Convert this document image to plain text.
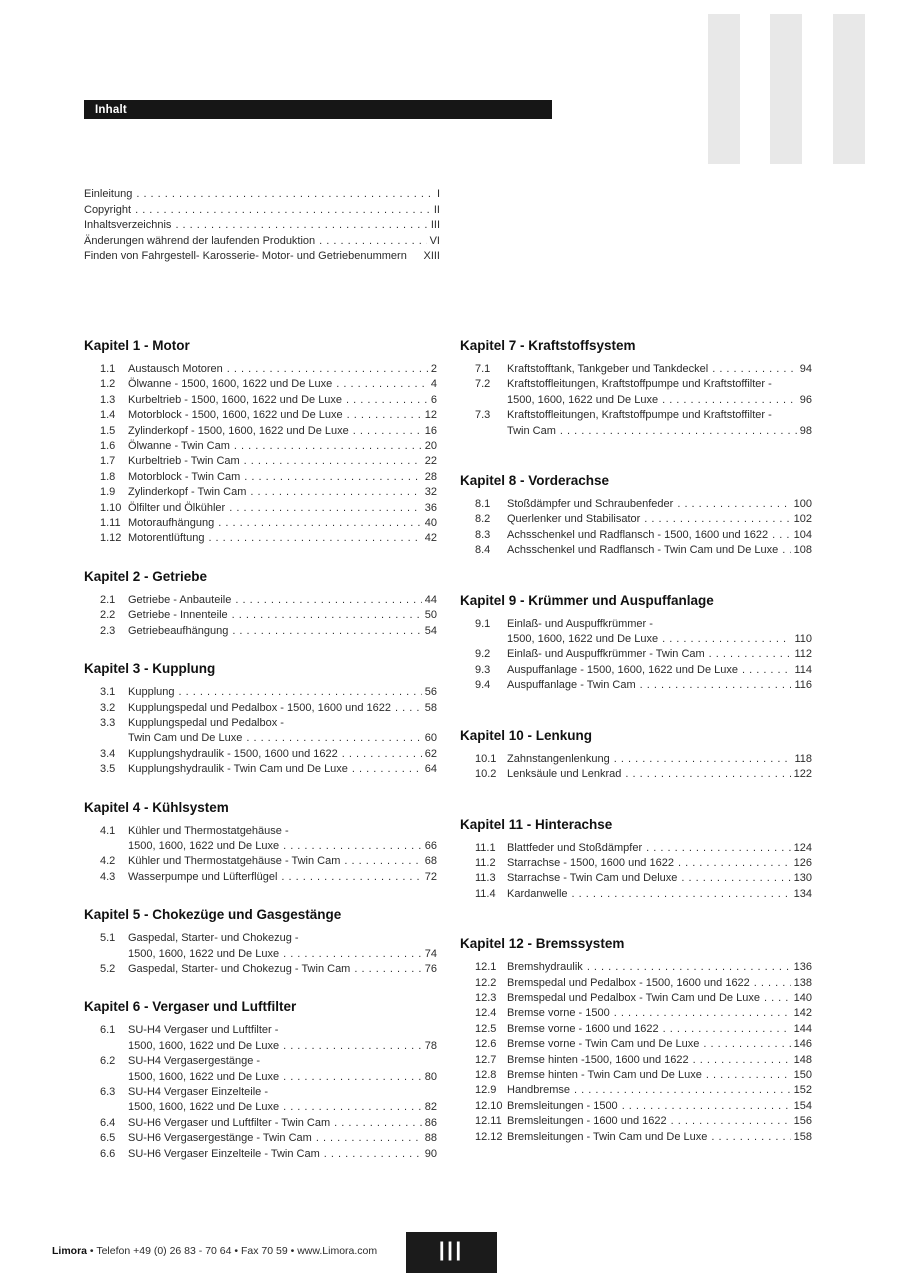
Inhalt
Einleitung . . .	I
Copyright . . .	II
Inhaltsverzeichnis . . .	III
Änderungen während der laufenden Produktion . . .	VI
Finden von Fahrgestell- Karosserie- Motor- und Getriebenummern XIII
Kapitel 1 - Motor
1.1	Austausch Motoren . . .	2
1.2	Ölwanne - 1500, 1600, 1622 und De Luxe . . .	4
1.3	Kurbeltrieb - 1500, 1600, 1622 und De Luxe . . .	6
1.4	Motorblock - 1500, 1600, 1622 und De Luxe . . .	12
1.5	Zylinderkopf - 1500, 1600, 1622 und De Luxe . . .	16
1.6	Ölwanne - Twin Cam . . .	20
1.7	Kurbeltrieb - Twin Cam . . .	22
1.8	Motorblock - Twin Cam . . .	28
1.9	Zylinderkopf - Twin Cam . . .	32
1.10 Ölfilter und Ölkühler . . .	36
1.11 Motoraufhängung . . .	40
1.12 Motorentlüftung . . .	42
Kapitel 2 - Getriebe
2.1	Getriebe - Anbauteile . . .	44
2.2	Getriebe - Innenteile . . .	50
2.3	Getriebeaufhängung . . .	54
Kapitel 3 - Kupplung
3.1	Kupplung . . .	56
3.2	Kupplungspedal und Pedalbox - 1500, 1600 und 1622 . . .	58
3.3	Kupplungspedal und Pedalbox -
Twin Cam und De Luxe . . .	60
3.4	Kupplungshydraulik - 1500, 1600 und 1622 . . .	62
3.5	Kupplungshydraulik - Twin Cam und De Luxe . . .	64
Kapitel 4 - Kühlsystem
4.1	Kühler und Thermostatgehäuse -
1500, 1600, 1622 und De Luxe . . .	66
4.2	Kühler und Thermostatgehäuse - Twin Cam . . .	68
4.3	Wasserpumpe und Lüfterflügel . . .	72
Kapitel 5 - Chokezüge und Gasgestänge
5.1	Gaspedal, Starter- und Chokezug -
1500, 1600, 1622 und De Luxe . . .	74
5.2	Gaspedal, Starter- und Chokezug - Twin Cam . . .	76
Kapitel 6 - Vergaser und Luftfilter
6.1	SU-H4 Vergaser und Luftfilter -
1500, 1600, 1622 und De Luxe . . .	78
6.2	SU-H4 Vergasergestänge -
1500, 1600, 1622 und De Luxe . . .	80
6.3	SU-H4 Vergaser Einzelteile -
1500, 1600, 1622 und De Luxe . . .	82
6.4	SU-H6 Vergaser und Luftfilter - Twin Cam . . .	86
6.5	SU-H6 Vergasergestänge - Twin Cam . . .	88
6.6	SU-H6 Vergaser Einzelteile - Twin Cam . . .	90
Kapitel 7 - Kraftstoffsystem
7.1	Kraftstofftank, Tankgeber und Tankdeckel . . .	94
7.2	Kraftstoffleitungen, Kraftstoffpumpe und Kraftstoffilter -
1500, 1600, 1622 und De Luxe . . .	96
7.3	Kraftstoffleitungen, Kraftstoffpumpe und Kraftstoffilter -
Twin Cam . . .	98
Kapitel 8 - Vorderachse
8.1	Stoßdämpfer und Schraubenfeder . . .	100
8.2	Querlenker und Stabilisator . . .	102
8.3	Achsschenkel und Radflansch - 1500, 1600 und 1622 . . . 104
8.4	Achsschenkel und Radflansch - Twin Cam und De Luxe . . . 108
Kapitel 9 - Krümmer und Auspuffanlage
9.1	Einlaß- und Auspuffkrümmer -
1500, 1600, 1622 und De Luxe . . .	110
9.2	Einlaß- und Auspuffkrümmer - Twin Cam . . .	112
9.3	Auspuffanlage - 1500, 1600, 1622 und De Luxe . . .	114
9.4	Auspuffanlage - Twin Cam . . .	116
Kapitel 10 - Lenkung
10.1 Zahnstangenlenkung . . .	118
10.2 Lenksäule und Lenkrad . . .	122
Kapitel 11 - Hinterachse
11.1	Blattfeder und Stoßdämpfer . . .	124
11.2	Starrachse - 1500, 1600 und 1622 . . .	126
11.3	Starrachse - Twin Cam und Deluxe . . .	130
11.4	Kardanwelle . . .	134
Kapitel 12 - Bremssystem
12.1 Bremshydraulik . . .	136
12.2 Bremspedal und Pedalbox - 1500, 1600 und 1622 . . .	138
12.3 Bremspedal und Pedalbox - Twin Cam und De Luxe . . .	140
12.4 Bremse vorne - 1500 . . .	142
12.5 Bremse vorne - 1600 und 1622 . . .	144
12.6 Bremse vorne - Twin Cam und De Luxe . . .	146
12.7 Bremse hinten -1500, 1600 und 1622 . . .	148
12.8 Bremse hinten - Twin Cam und De Luxe . . .	150
12.9 Handbremse . . .	152
12.10 Bremsleitungen - 1500 . . .	154
12.11 Bremsleitungen - 1600 und 1622 . . .	156
12.12 Bremsleitungen - Twin Cam und De Luxe . . .	158
Limora • Telefon +49 (0) 26 83 - 70 64 • Fax 70 59 • www.Limora.com	III
